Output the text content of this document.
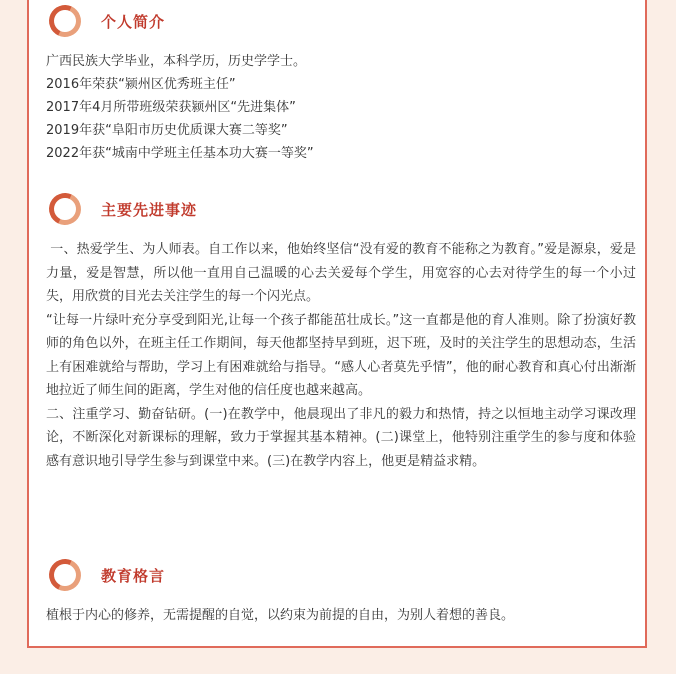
个人简介
广西民族大学毕业，本科学历，历史学学士。
2016年荣获“颍州区优秀班主任”
2017年4月所带班级荣获颍州区“先进集体”
2019年获“阜阳市历史优质课大赛二等奖”
2022年获“城南中学班主任基本功大赛一等奖”
主要先进事迹

一、热爱学生、为人师表。自工作以来，他始终坚信“没有爱的教育不能称之为教育。”爱是源泉，爱是力量，爱是智慧，所以他一直用自己温暖的心去关爱每个学生，用宽容的心去对待学生的每一个小过失，用欣赏的目光去关注学生的每一个闪光点。

“让每一片绿叶充分享受到阳光,让每一个孩子都能茁壮成长。”这一直都是他的育人准则。除了扮演好教师的角色以外，在班主任工作期间，每天他都坚持早到班，迟下班，及时的关注学生的思想动态，生活上有困难就给与帮助，学习上有困难就给与指导。“感人心者莫先乎情”，他的耐心教育和真心付出渐渐地拉近了师生间的距离，学生对他的信任度也越来越高。

二、注重学习、勤奋钻研。(一)在教学中，他晨现出了非凡的毅力和热情，持之以恒地主动学习课改理论，不断深化对新课标的理解，致力于掌握其基本精神。(二)课堂上，他特别注重学生的参与度和体验感有意识地引导学生参与到课堂中来。(三)在教学内容上，他更是精益求精。

教育格言
植根于内心的修养，无需提醒的自觉，以约束为前提的自由，为别人着想的善良。
